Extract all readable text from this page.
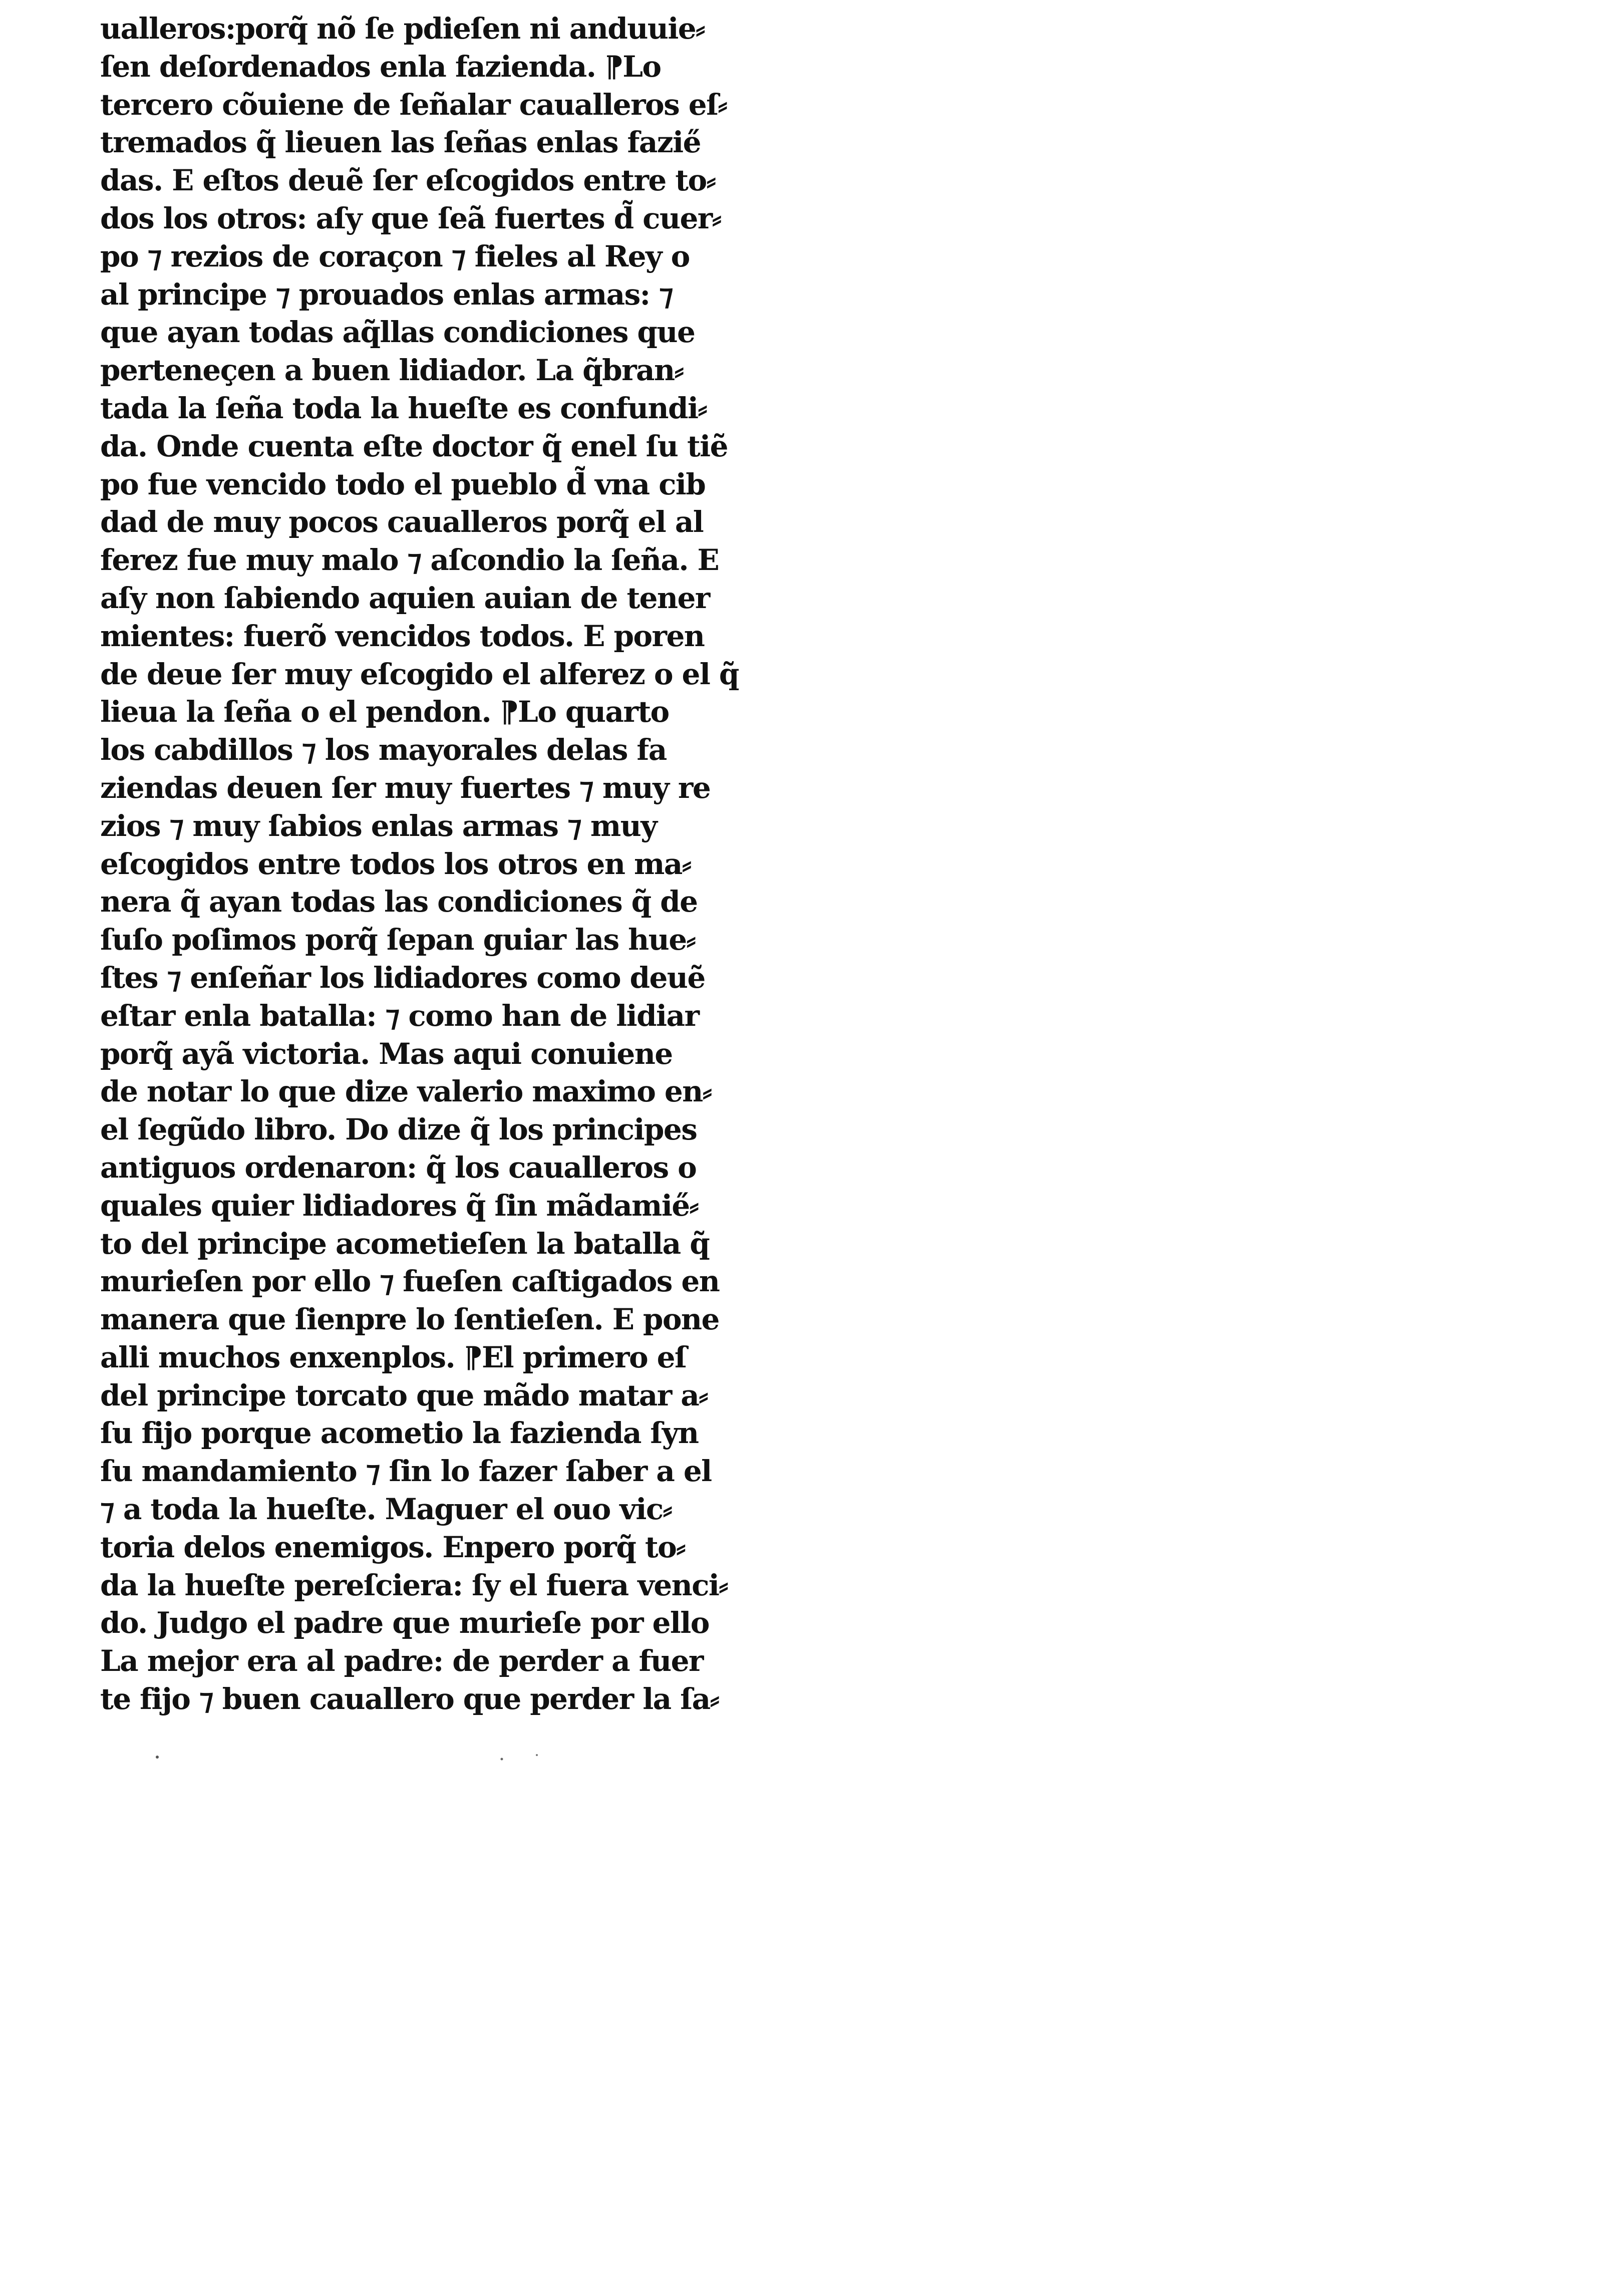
uallerоs:porq̃ nõ ſe pdieſen ni anduuie⸗
ſen deſordenados enla fazienda. ⁋Lo
tercero cõuiene de ſeñalar caualleros eſ⸗
tremados q̃ lieuen las ſeñas enlas fazie̋
das. E eſtos deuẽ ſer eſcogidos entre to⸗
dos los otros: aſy que ſeã fuertes d̃ cuer⸗
po ⁊ rezios de coraçon ⁊ fieles al Rey o
al principe ⁊ prouados enlas armas: ⁊
que ayan todas aq̃llas condiciones que
perteneçen a buen lidiador. La q̃bran⸗
tada la ſeña toda la hueſte es confundi⸗
da. Onde cuenta eſte doctor q̃ enel ſu tiẽ
po fue vencido todo el pueblo d̃ vna cib
dad de muy pocos caualleros porq̃ el al
ferez fue muy malo ⁊ aſcondio la ſeña. E
aſy non ſabiendo aquien auian de tener
mientes: fuerõ vencidos todos. E poren
de deue ſer muy eſcogido el alferez o el q̃
lieua la ſeña o el pendon. ⁋Lo quarto
los cabdillos ⁊ los mayorales delas fa
ziendas deuen ſer muy fuertes ⁊ muy re
zios ⁊ muy ſabios enlas armas ⁊ muy
eſcogidos entre todos los otros en ma⸗
nera q̃ ayan todas las condiciones q̃ de
ſuſo poſimos porq̃ ſepan guiar las hue⸗
ſtes ⁊ enſeñar los lidiadores como deuẽ
eſtar enla batalla: ⁊ como han de lidiar
porq̃ ayã victoria. Mas aqui conuiene
de notar lo que dize valerio maximo en⸗
el ſegũdo libro. Do dize q̃ los principes
antiguos ordenaron: q̃ los caualleros o
quales quier lidiadores q̃ ſin mãdamie̋⸗
to del principe acometieſen la batalla q̃
murieſen por ello ⁊ fueſen caſtigados en
manera que ſienpre lo ſentieſen. E pone
alli muchos enxenplos. ⁋El primero eſ
del principe torcato que mãdo matar a⸗
ſu fijo porque acometio la fazienda ſyn
ſu mandamiento ⁊ ſin lo fazer ſaber a el
⁊ a toda la hueſte. Maguer el ouo vic⸗
toria delos enemigos. Enpero porq̃ to⸗
da la hueſte pereſciera: ſy el fuera venci⸗
do. Judgo el padre que murieſe por ello
La mejor era al padre: de perder a fuer
te fijo ⁊ buen cauallero que perder la ſa⸗
